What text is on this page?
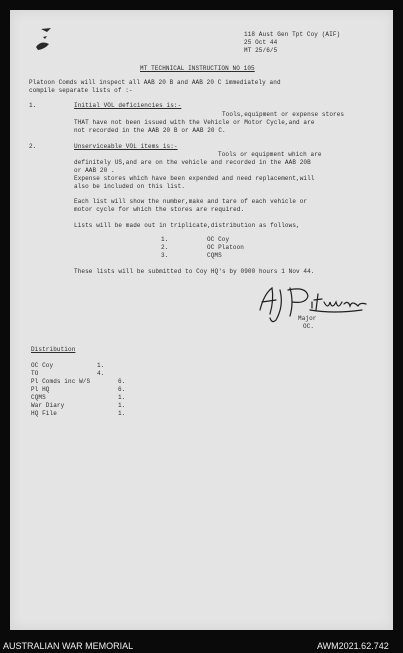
118 Aust Gen Tpt Coy (AIF)
25 Oct 44
MT 25/6/5
MT TECHNICAL INSTRUCTION NO 105
Platoon Comds will inspect all AAB 20 B and AAB 20 C immediately and
compile separate lists of :-
1.	Initial VOL deficiencies is:-
Tools,equipment or expense stores
THAT have not been issued with the Vehicle or Motor Cycle,and are
not recorded in the AAB 20 B or AAB 20 C.
2.	Unserviceable VOL items is:-
Tools or equipment which are
definitely US,and are on the vehicle and recorded in the AAB 20B
or AAB 20 .
Expense stores which have been expended and need replacement,will
also be included on this list.
Each list will show the number,make and tare of each vehicle or
motor cycle for which the stores are required.
Lists will be made out in triplicate,distribution as follows,
1.	OC Coy
2.	OC Platoon
3.	CQMS
These lists will be submitted to Coy HQ's by 0900 hours 1 Nov 44.
Major
OC.
Distribution
OC Coy	1.
TO	4.
Pl Comds inc W/S	6.
Pl HQ	6.
CQMS	1.
War Diary	1.
HQ File	1.
AUSTRALIAN WAR MEMORIAL	AWM2021.62.742
